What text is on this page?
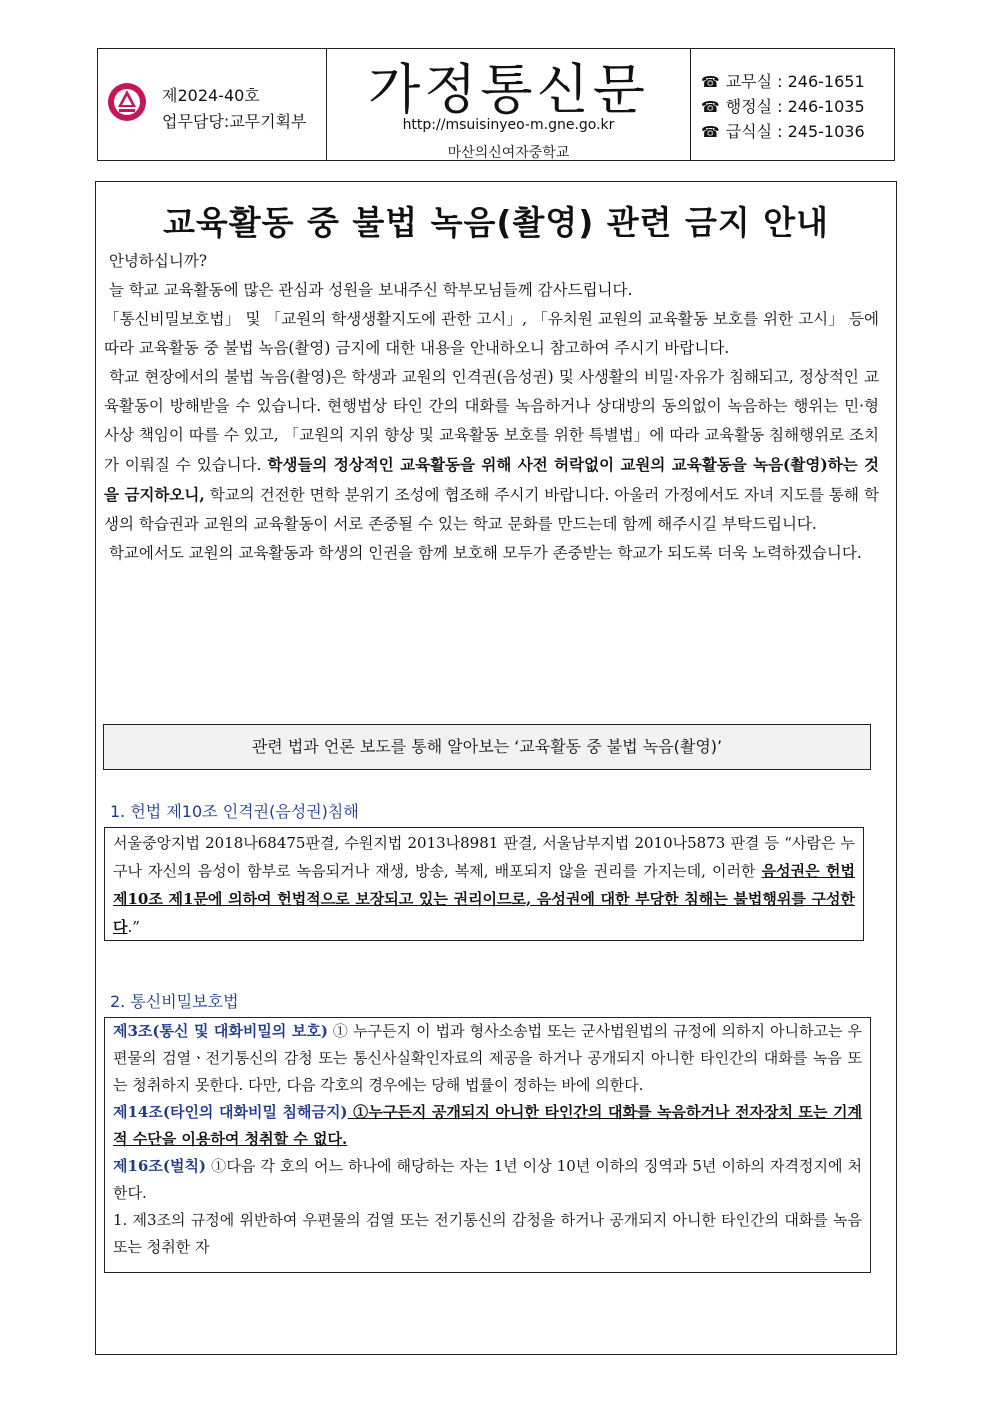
제2024-40호
업무담당:교무기획부
가정통신문
http://msuisinyeo-m.gne.go.kr
마산의신여자중학교
☎ 교무실 : 246-1651
☎ 행정실 : 246-1035
☎ 급식실 : 245-1036
교육활동 중 불법 녹음(촬영) 관련 금지 안내

안녕하십니까?

늘 학교 교육활동에 많은 관심과 성원을 보내주신 학부모님들께 감사드립니다.

「통신비밀보호법」 및 「교원의 학생생활지도에 관한 고시」, 「유치원 교원의 교육활동 보호를 위한 고시」 등에 따라 교육활동 중 불법 녹음(촬영) 금지에 대한 내용을 안내하오니 참고하여 주시기 바랍니다.

학교 현장에서의 불법 녹음(촬영)은 학생과 교원의 인격권(음성권) 및 사생활의 비밀·자유가 침해되고, 정상적인 교육활동이 방해받을 수 있습니다. 현행법상 타인 간의 대화를 녹음하거나 상대방의 동의없이 녹음하는 행위는 민·형사상 책임이 따를 수 있고, 「교원의 지위 향상 및 교육활동 보호를 위한 특별법」에 따라 교육활동 침해행위로 조치가 이뤄질 수 있습니다. 학생들의 정상적인 교육활동을 위해 사전 허락없이 교원의 교육활동을 녹음(촬영)하는 것을 금지하오니, 학교의 건전한 면학 분위기 조성에 협조해 주시기 바랍니다. 아울러 가정에서도 자녀 지도를 통해 학생의 학습권과 교원의 교육활동이 서로 존중될 수 있는 학교 문화를 만드는데 함께 해주시길 부탁드립니다.

학교에서도 교원의 교육활동과 학생의 인권을 함께 보호해 모두가 존중받는 학교가 되도록 더욱 노력하겠습니다.

관련 법과 언론 보도를 통해 알아보는 ‘교육활동 중 불법 녹음(촬영)’
1. 헌법 제10조 인격권(음성권)침해
서울중앙지법 2018나68475판결, 수원지법 2013나8981 판결, 서울남부지법 2010나5873 판결 등 “사람은 누구나 자신의 음성이 함부로 녹음되거나 재생, 방송, 복제, 배포되지 않을 권리를 가지는데, 이러한 음성권은 헌법 제10조 제1문에 의하여 헌법적으로 보장되고 있는 권리이므로, 음성권에 대한 부당한 침해는 불법행위를 구성한다.”
2. 통신비밀보호법

제3조(통신 및 대화비밀의 보호) ① 누구든지 이 법과 형사소송법 또는 군사법원법의 규정에 의하지 아니하고는 우편물의 검열ㆍ전기통신의 감청 또는 통신사실확인자료의 제공을 하거나 공개되지 아니한 타인간의 대화를 녹음 또는 청취하지 못한다. 다만, 다음 각호의 경우에는 당해 법률이 정하는 바에 의한다.

제14조(타인의 대화비밀 침해금지) ①누구든지 공개되지 아니한 타인간의 대화를 녹음하거나 전자장치 또는 기계적 수단을 이용하여 청취할 수 없다.

제16조(벌칙) ①다음 각 호의 어느 하나에 해당하는 자는 1년 이상 10년 이하의 징역과 5년 이하의 자격정지에 처한다.

1. 제3조의 규정에 위반하여 우편물의 검열 또는 전기통신의 감청을 하거나 공개되지 아니한 타인간의 대화를 녹음 또는 청취한 자
